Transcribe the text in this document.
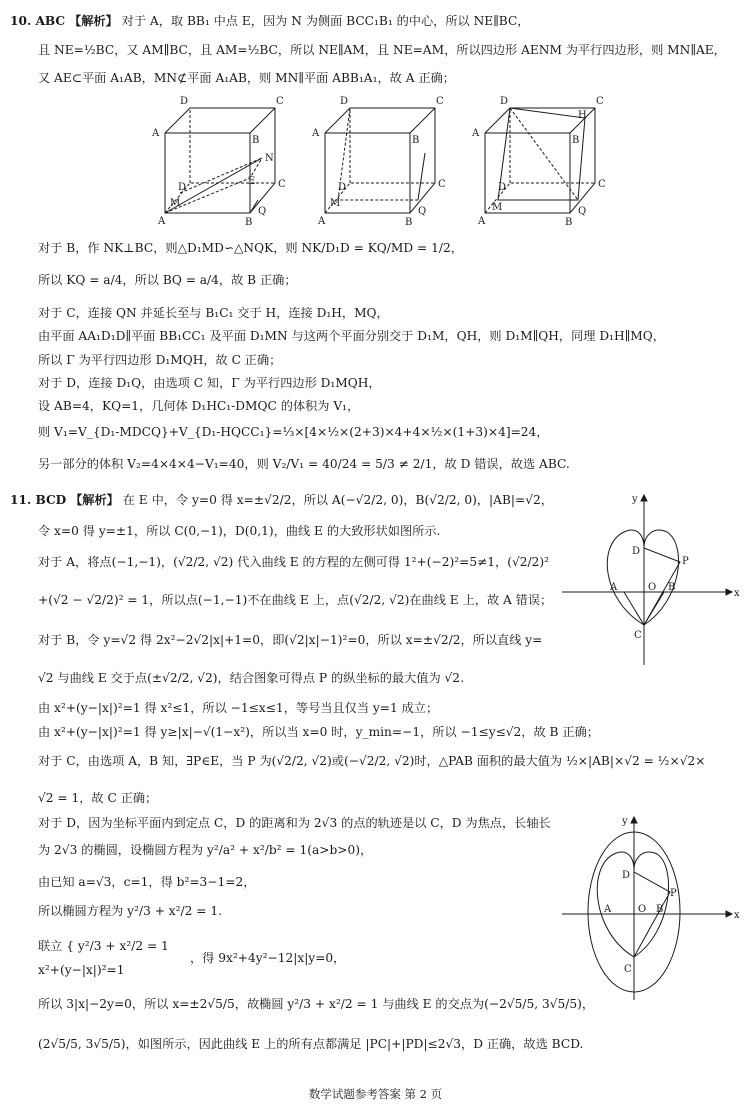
10. ABC 【解析】 对于 A，取 BB₁ 中点 E，因为 N 为侧面 BCC₁B₁ 的中心，所以 NE∥BC，
且 NE=½BC，又 AM∥BC，且 AM=½BC，所以 NE∥AM，且 NE=AM，所以四边形 AENM 为平行四边形，则 MN∥AE，
又 AE⊂平面 A₁AB，MN⊄平面 A₁AB，则 MN∥平面 ABB₁A₁，故 A 正确；
A
D
B
C
A	B
C
D
M
N
E
Q
A
D
B
C
A	B
C
D
M
Q
A
D
B
C
A	B
C
D
M	Q
H
对于 B，作 NK⊥BC，则△D₁MD∽△NQK，则 NK/D₁D = KQ/MD = 1/2，
所以 KQ = a/4，所以 BQ = a/4，故 B 正确；
对于 C，连接 QN 并延长至与 B₁C₁ 交于 H，连接 D₁H，MQ，
由平面 AA₁D₁D∥平面 BB₁CC₁ 及平面 D₁MN 与这两个平面分别交于 D₁M，QH，则 D₁M∥QH，同理 D₁H∥MQ，
所以 Γ 为平行四边形 D₁MQH，故 C 正确；
对于 D，连接 D₁Q，由选项 C 知，Γ 为平行四边形 D₁MQH，
设 AB=4，KQ=1，几何体 D₁HC₁-DMQC 的体积为 V₁，
则 V₁=V_{D₁-MDCQ}+V_{D₁-HQCC₁}=⅓×[4×½×(2+3)×4+4×½×(1+3)×4]=24，
另一部分的体积 V₂=4×4×4−V₁=40，则 V₂/V₁ = 40/24 = 5/3 ≠ 2/1，故 D 错误，故选 ABC.
11. BCD 【解析】 在 E 中，令 y=0 得 x=±√2/2，所以 A(−√2/2, 0)，B(√2/2, 0)，|AB|=√2，
令 x=0 得 y=±1，所以 C(0,−1)，D(0,1)，曲线 E 的大致形状如图所示.
对于 A，将点(−1,−1)，(√2/2, √2) 代入曲线 E 的方程的左侧可得 1²+(−2)²=5≠1，(√2/2)²
+(√2 − √2/2)² = 1，所以点(−1,−1)不在曲线 E 上，点(√2/2, √2)在曲线 E 上，故 A 错误；
对于 B，令 y=√2 得 2x²−2√2|x|+1=0，即(√2|x|−1)²=0，所以 x=±√2/2，所以直线 y=
√2 与曲线 E 交于点(±√2/2, √2)，结合图象可得点 P 的纵坐标的最大值为 √2.
由 x²+(y−|x|)²=1 得 x²≤1，所以 −1≤x≤1，等号当且仅当 y=1 成立；
由 x²+(y−|x|)²=1 得 y≥|x|−√(1−x²)，所以当 x=0 时，y_min=−1，所以 −1≤y≤√2，故 B 正确；
对于 C，由选项 A，B 知，∃P∈E，当 P 为(√2/2, √2)或(−√2/2, √2)时，△PAB 面积的最大值为 ½×|AB|×√2 = ½×√2×
√2 = 1，故 C 正确；
对于 D，因为坐标平面内到定点 C，D 的距离和为 2√3 的点的轨迹是以 C，D 为焦点，长轴长
为 2√3 的椭圆，设椭圆方程为 y²/a² + x²/b² = 1(a>b>0)，
由已知 a=√3，c=1，得 b²=3−1=2，
所以椭圆方程为 y²/3 + x²/2 = 1.
联立 { y²/3 + x²/2 = 1
x²+(y−|x|)²=1
，得 9x²+4y²−12|x|y=0，
所以 3|x|−2y=0，所以 x=±2√5/5，故椭圆 y²/3 + x²/2 = 1 与曲线 E 的交点为(−2√5/5, 3√5/5)，
(2√5/5, 3√5/5)，如图所示，因此曲线 E 上的所有点都满足 |PC|+|PD|≤2√3，D 正确，故选 BCD.
x
y
O
A	B
C
D
P
x
y
O
A	B
C
D
P
数学试题参考答案 第 2 页
